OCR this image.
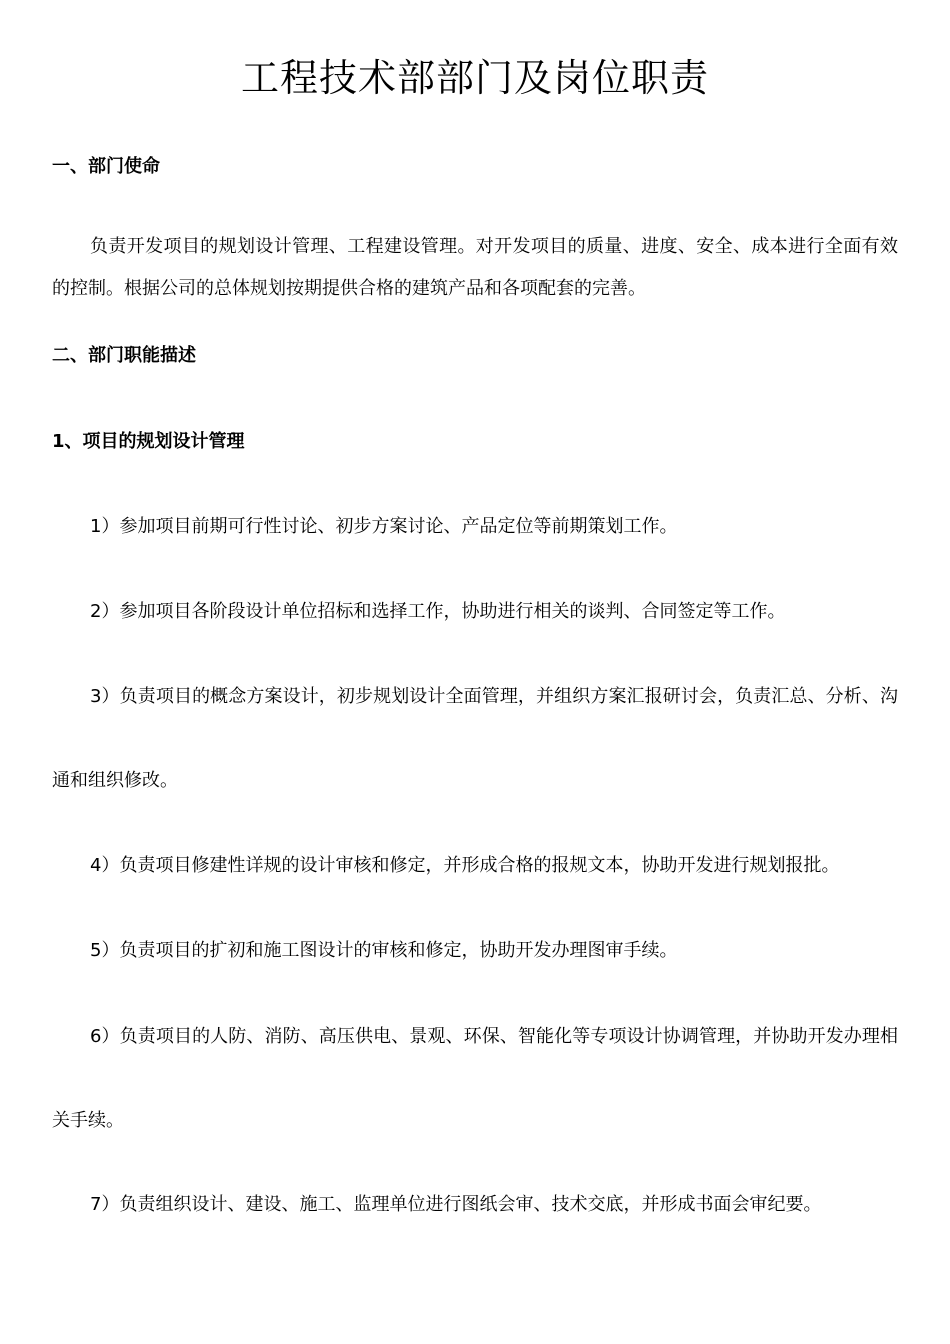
工程技术部部门及岗位职责
一、部门使命

负责开发项目的规划设计管理、工程建设管理。对开发项目的质量、进度、安全、成本进行全面有效的控制。根据公司的总体规划按期提供合格的建筑产品和各项配套的完善。

二、部门职能描述
1、项目的规划设计管理

1）参加项目前期可行性讨论、初步方案讨论、产品定位等前期策划工作。

2）参加项目各阶段设计单位招标和选择工作，协助进行相关的谈判、合同签定等工作。

3）负责项目的概念方案设计，初步规划设计全面管理，并组织方案汇报研讨会，负责汇总、分析、沟通和组织修改。

4）负责项目修建性详规的设计审核和修定，并形成合格的报规文本，协助开发进行规划报批。

5）负责项目的扩初和施工图设计的审核和修定，协助开发办理图审手续。

6）负责项目的人防、消防、高压供电、景观、环保、智能化等专项设计协调管理，并协助开发办理相关手续。

7）负责组织设计、建设、施工、监理单位进行图纸会审、技术交底，并形成书面会审纪要。
